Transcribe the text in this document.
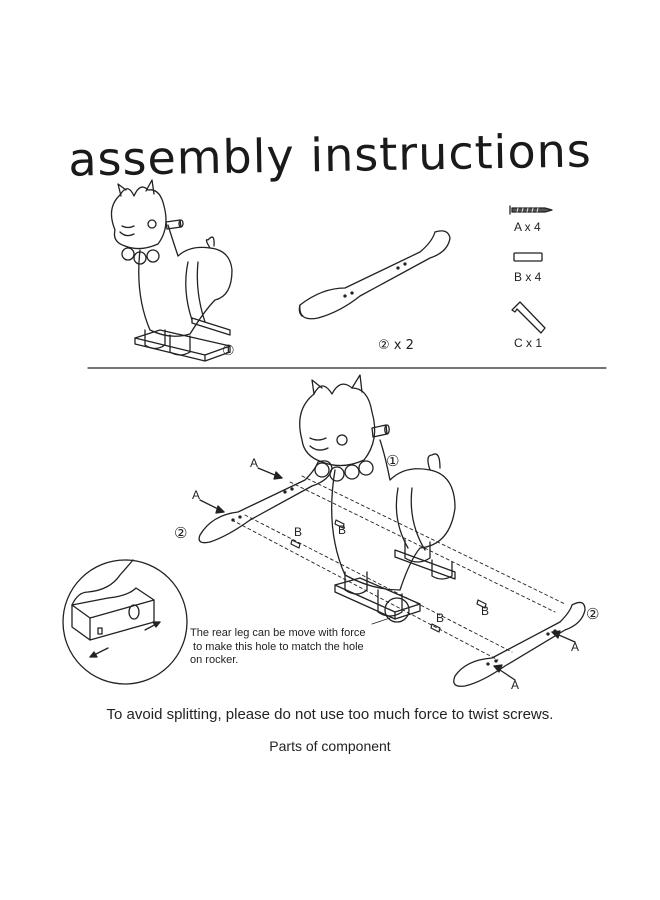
assembly instructions
A x 4
B x 4
C x 1
①	② x 2
①
②
②
A
A
A
A
B	B
B	B
The rear leg can be move with force
to make this hole to match the hole
on rocker.
To avoid splitting, please do not use too much force to twist screws.
Parts of component
